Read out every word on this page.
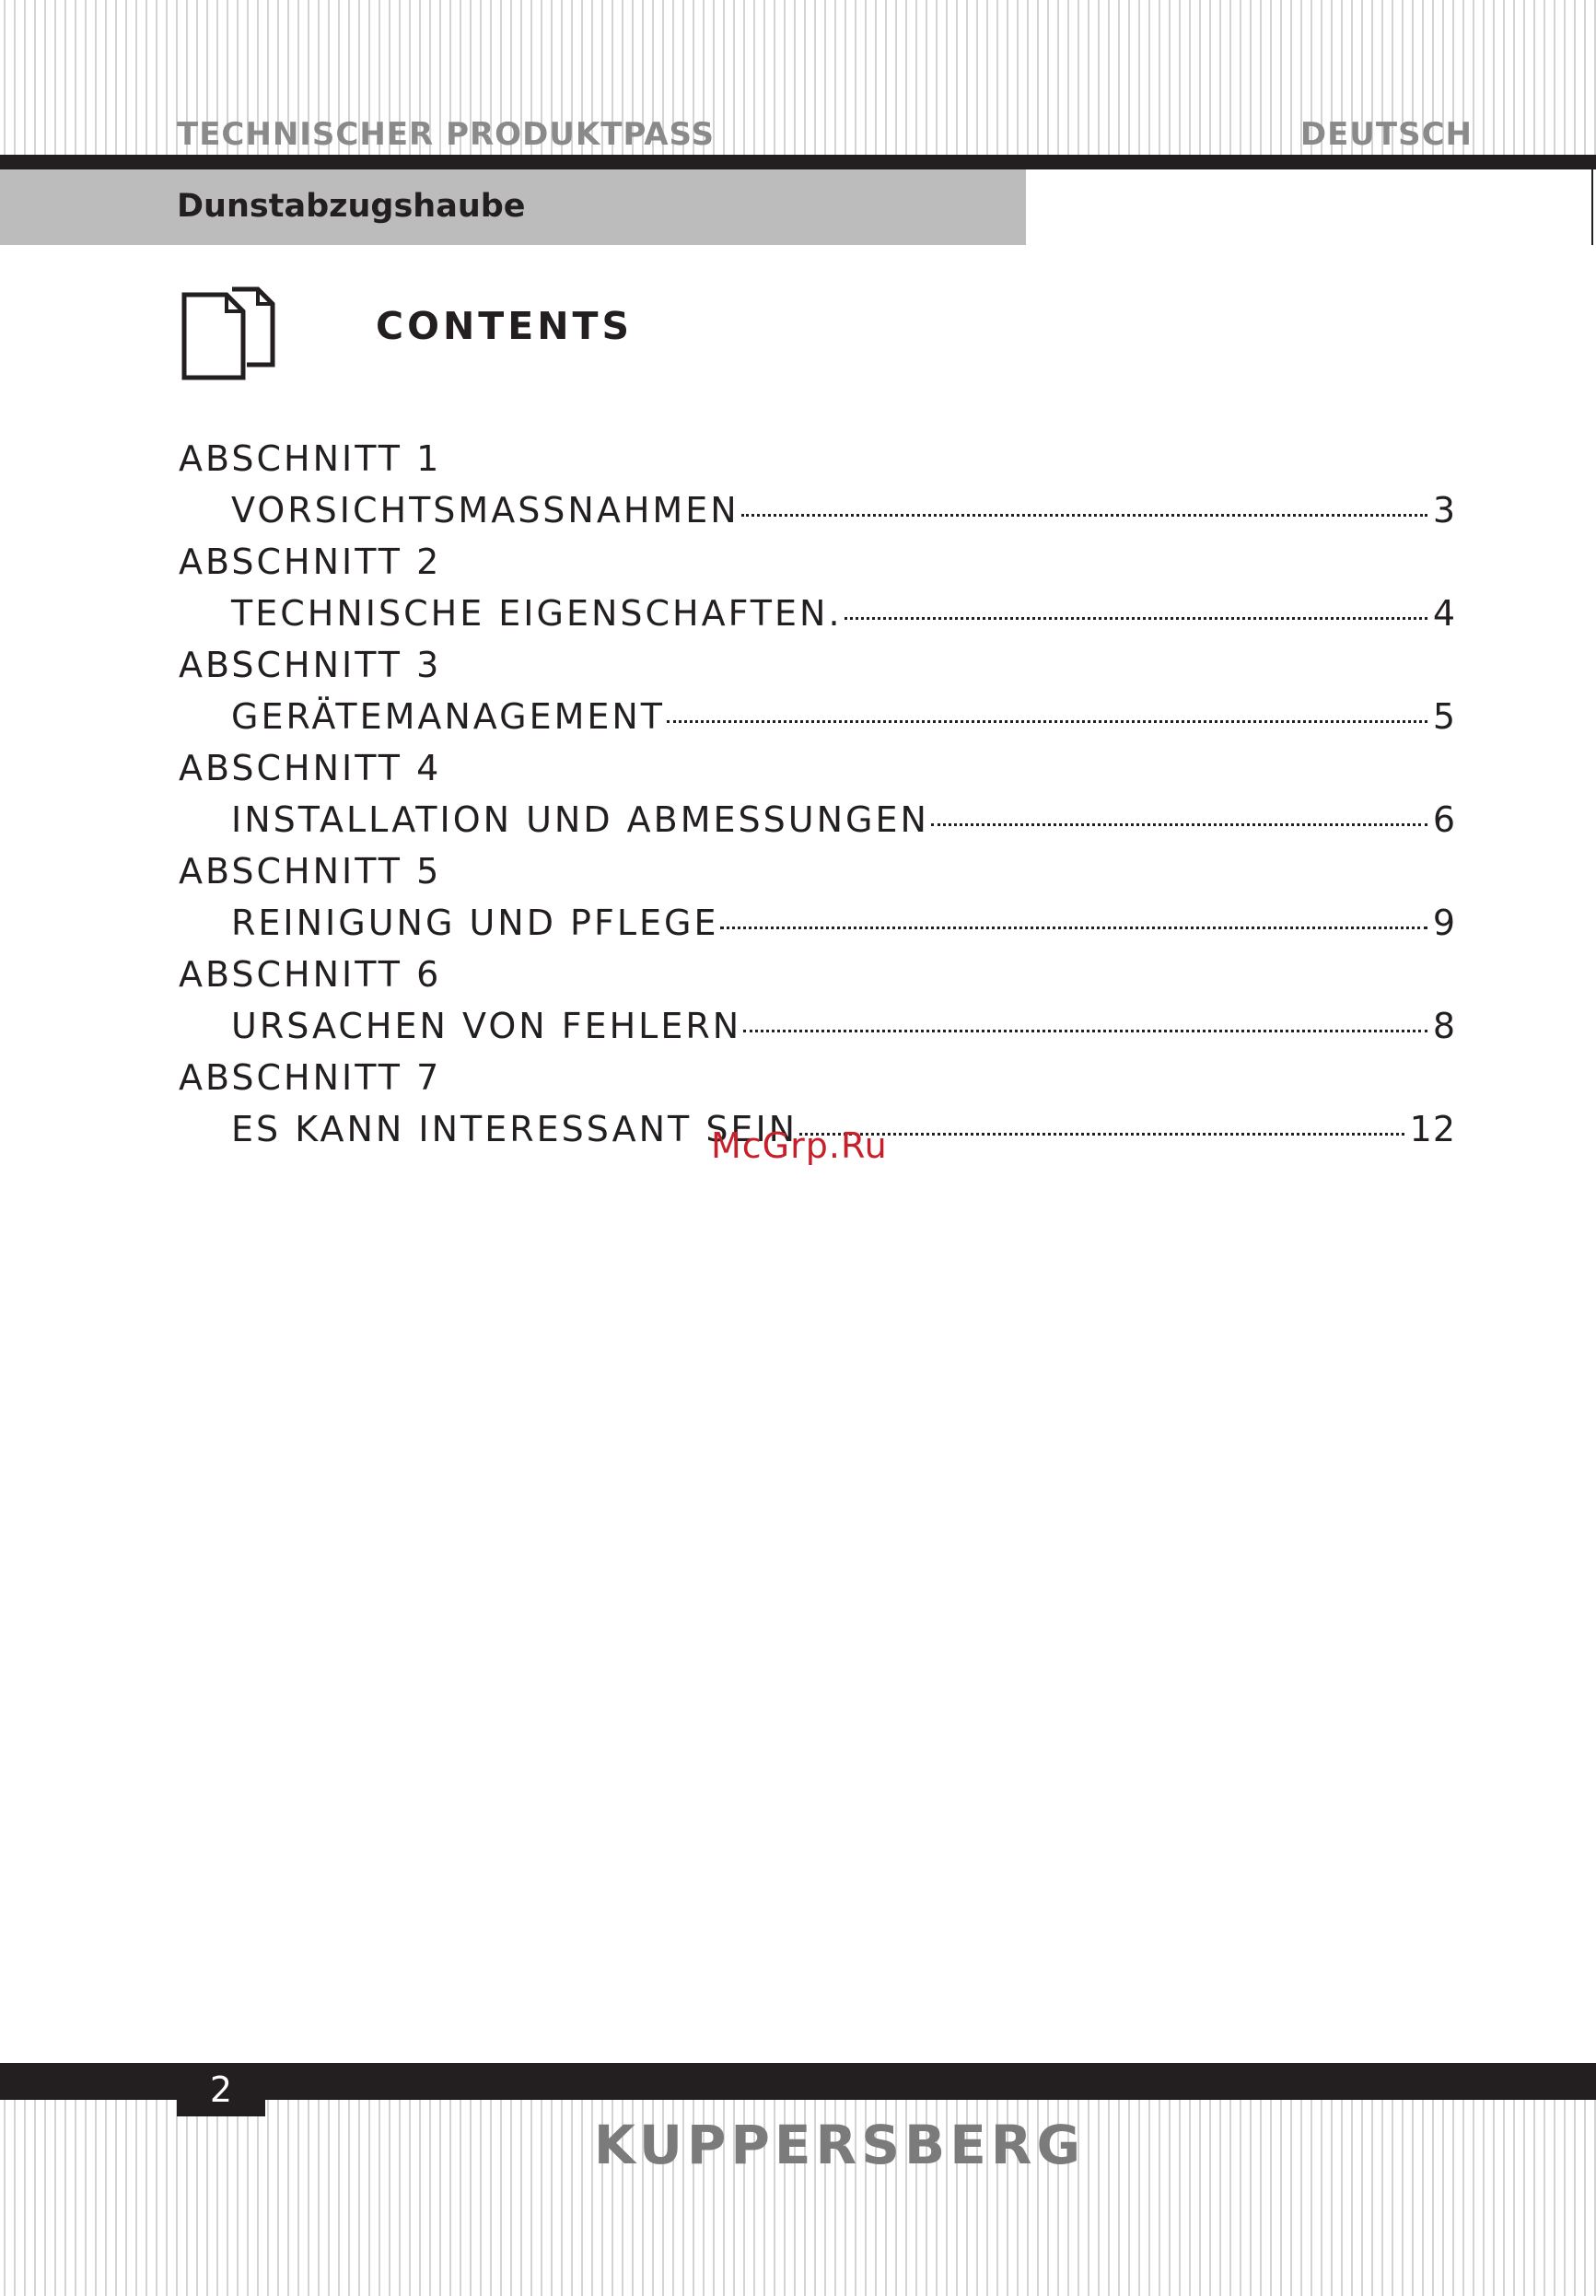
TECHNISCHER PRODUKTPASS	DEUTSCH
Dunstabzugshaube
CONTENTS
ABSCHNITT 1
VORSICHTSMASSNAHMEN	3
ABSCHNITT 2
TECHNISCHE EIGENSCHAFTEN.	4
ABSCHNITT 3
GERÄTEMANAGEMENT	5
ABSCHNITT 4
INSTALLATION UND ABMESSUNGEN	6
ABSCHNITT 5
REINIGUNG UND PFLEGE	9
ABSCHNITT 6
URSACHEN VON FEHLERN	8
ABSCHNITT 7
ES KANN INTERESSANT SEIN	12
McGrp.Ru
2
KUPPERSBERG
